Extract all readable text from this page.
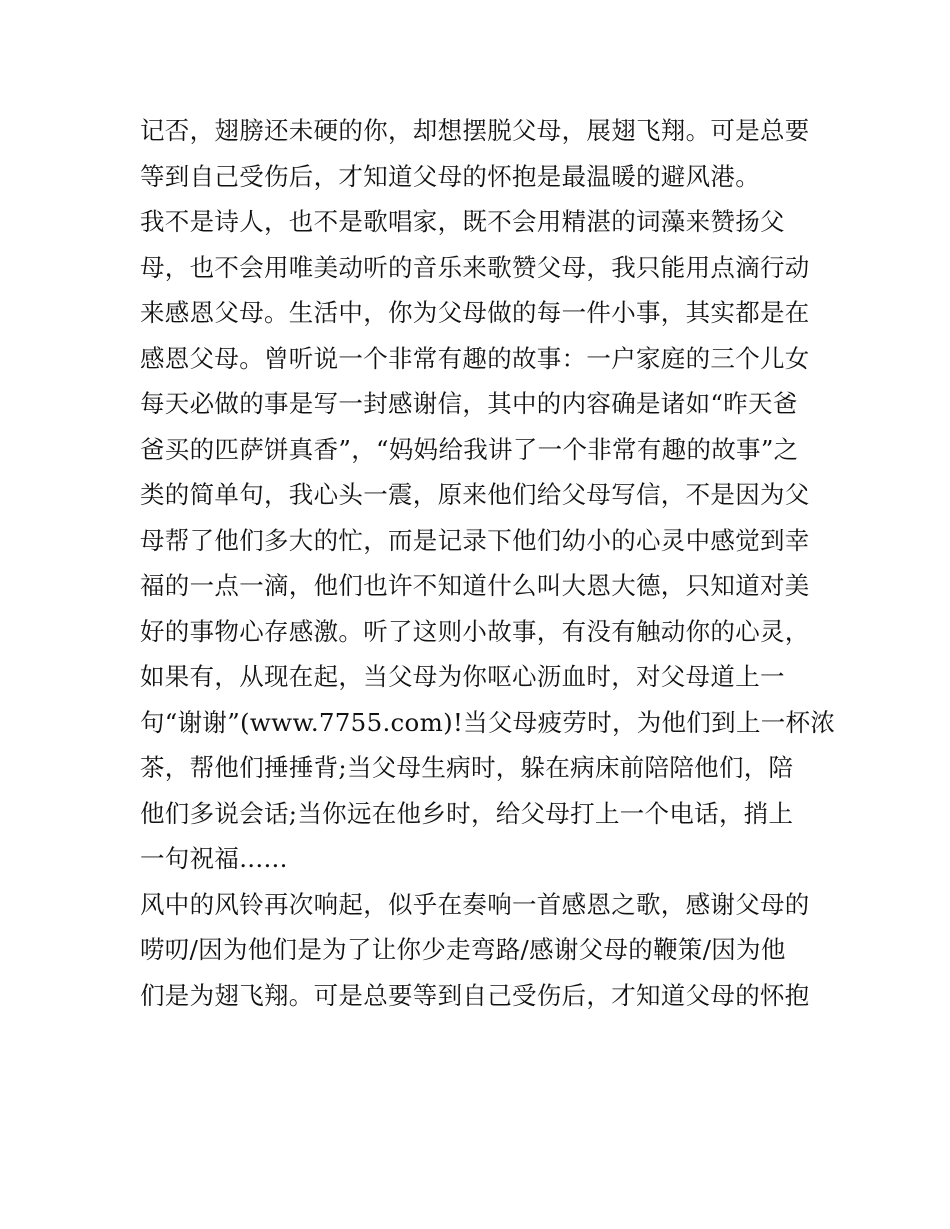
记否，翅膀还未硬的你，却想摆脱父母，展翅飞翔。可是总要
等到自己受伤后，才知道父母的怀抱是最温暖的避风港。
我不是诗人，也不是歌唱家，既不会用精湛的词藻来赞扬父
母，也不会用唯美动听的音乐来歌赞父母，我只能用点滴行动
来感恩父母。生活中，你为父母做的每一件小事，其实都是在
感恩父母。曾听说一个非常有趣的故事：一户家庭的三个儿女
每天必做的事是写一封感谢信，其中的内容确是诸如“昨天爸
爸买的匹萨饼真香”，“妈妈给我讲了一个非常有趣的故事”之
类的简单句，我心头一震，原来他们给父母写信，不是因为父
母帮了他们多大的忙，而是记录下他们幼小的心灵中感觉到幸
福的一点一滴，他们也许不知道什么叫大恩大德，只知道对美
好的事物心存感激。听了这则小故事，有没有触动你的心灵，
如果有，从现在起，当父母为你呕心沥血时，对父母道上一
句“谢谢”(www.7755.com)!当父母疲劳时，为他们到上一杯浓
茶，帮他们捶捶背;当父母生病时，躲在病床前陪陪他们，陪
他们多说会话;当你远在他乡时，给父母打上一个电话，捎上
一句祝福......
风中的风铃再次响起，似乎在奏响一首感恩之歌，感谢父母的
唠叨/因为他们是为了让你少走弯路/感谢父母的鞭策/因为他
们是为翅飞翔。可是总要等到自己受伤后，才知道父母的怀抱
